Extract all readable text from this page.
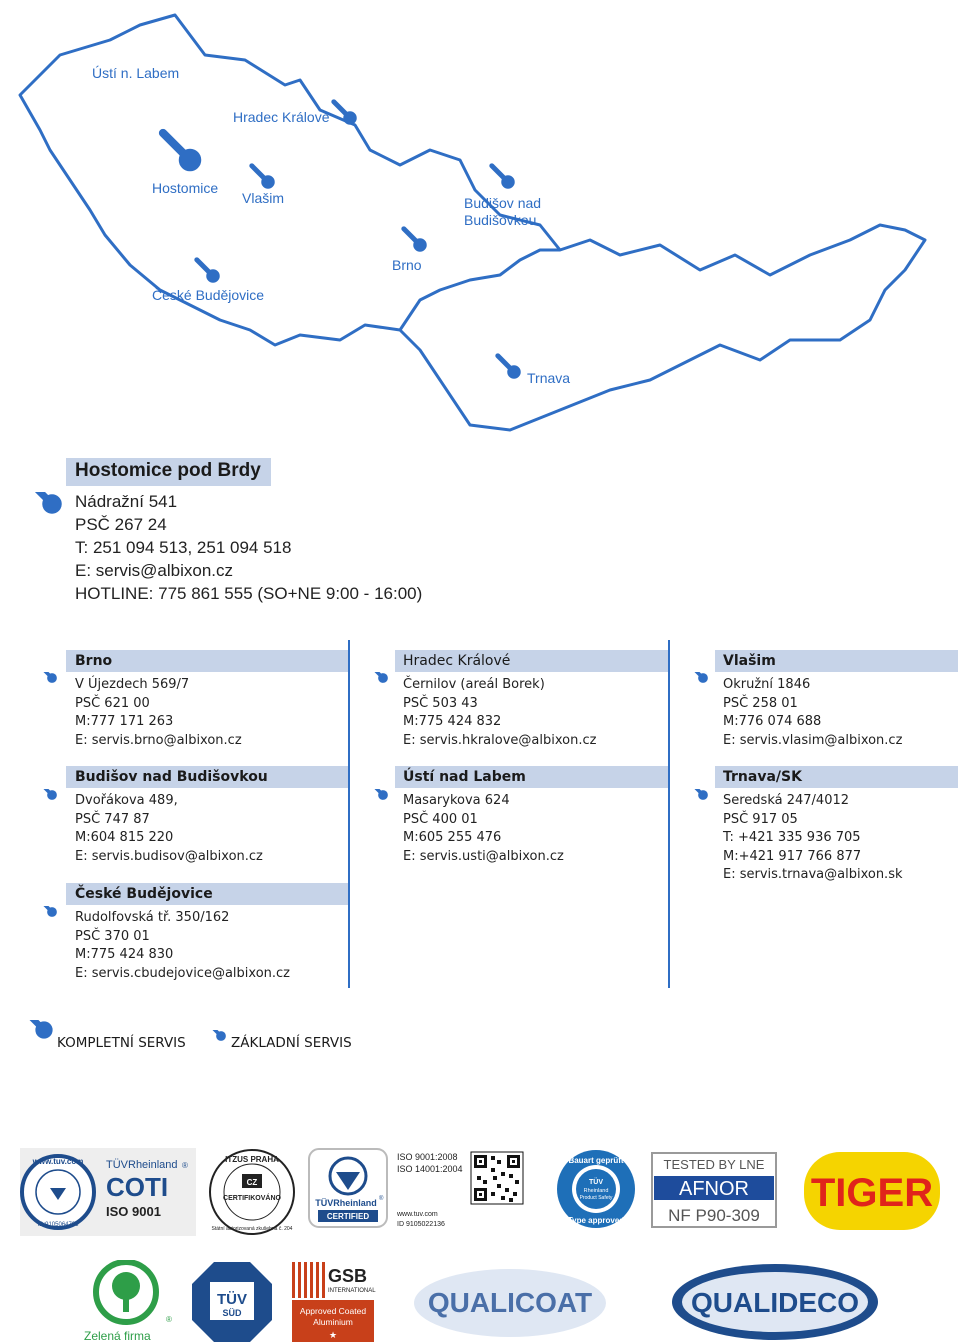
Ústí n. Labem
Hradec Králové
Hostomice
Vlašim	Budišov nad
Budišovkou
Brno
České Budějovice
Trnava
Hostomice pod Brdy
Nádražní 541
PSČ 267 24
T: 251 094 513, 251 094 518
E: servis@albixon.cz
HOTLINE: 775 861 555 (SO+NE 9:00 - 16:00)
Brno
V Újezdech 569/7
PSČ 621 00
M:777 171 263
E: servis.brno@albixon.cz
Hradec Králové
Černilov (areál Borek)
PSČ 503 43
M:775 424 832
E: servis.hkralove@albixon.cz
Vlašim
Okružní 1846
PSČ 258 01
M:776 074 688
E: servis.vlasim@albixon.cz
Budišov nad Budišovkou
Dvořákova 489,
PSČ 747 87
M:604 815 220
E: servis.budisov@albixon.cz
Ústí nad Labem
Masarykova 624
PSČ 400 01
M:605 255 476
E: servis.usti@albixon.cz
Trnava/SK
Seredská 247/4012
PSČ 917 05
T: +421 335 936 705
M:+421 917 766 877
E: servis.trnava@albixon.sk
České Budějovice
Rudolfovská tř. 350/162
PSČ 370 01
M:775 424 830
E: servis.cbudejovice@albixon.cz
KOMPLETNÍ SERVIS	ZÁKLADNÍ SERVIS
www.tuv.com
ID:9105064793
TÜVRheinland ®
COTI
ISO 9001
ITZUS PRAHA
Státní autorizovaná zkušebna č. 204
CZ
CERTIFIKOVÁNO	TÜVRheinland ®
CERTIFIED
ISO 9001:2008
ISO 14001:2004
www.tuv.com
ID 9105022136
Bauart geprüft
Type approved
TÜV
Rheinland
Product Safety
TESTED BY LNE
AFNOR
NF P90-309
TIGER
Zelená firma
®
TÜV
SÜD
GSB
INTERNATIONAL
Approved Coated
Aluminium
★
QUALICOAT	QUALIDECO
